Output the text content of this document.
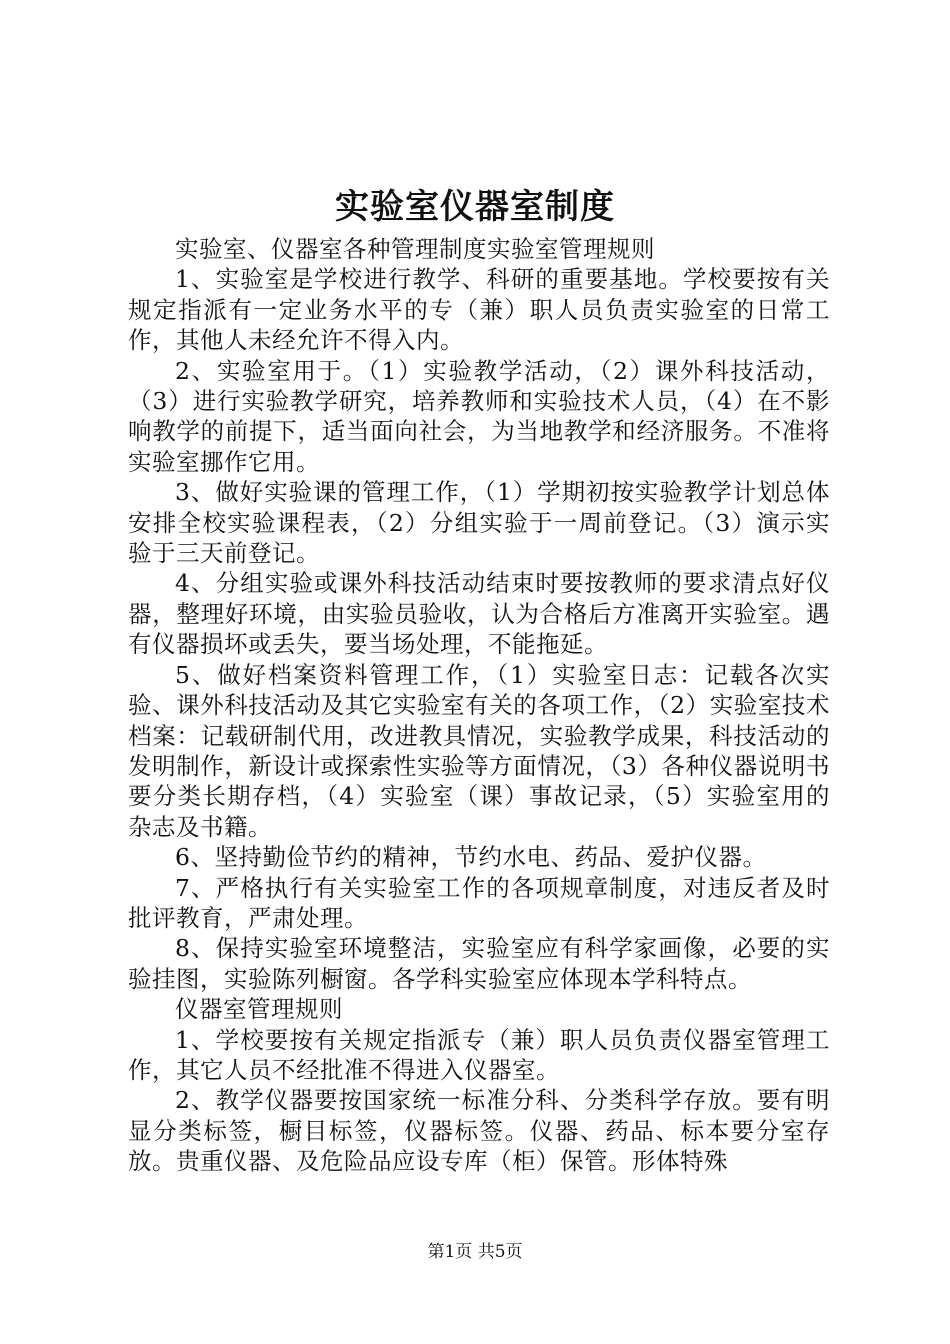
实验室仪器室制度

实验室、仪器室各种管理制度实验室管理规则

1、实验室是学校进行教学、科研的重要基地。学校要按有关规定指派有一定业务水平的专（兼）职人员负责实验室的日常工作，其他人未经允许不得入内。

2、实验室用于。（1）实验教学活动，（2）课外科技活动，（3）进行实验教学研究，培养教师和实验技术人员，（4）在不影响教学的前提下，适当面向社会，为当地教学和经济服务。不准将实验室挪作它用。

3、做好实验课的管理工作，（1）学期初按实验教学计划总体安排全校实验课程表，（2）分组实验于一周前登记。（3）演示实验于三天前登记。

4、分组实验或课外科技活动结束时要按教师的要求清点好仪器，整理好环境，由实验员验收，认为合格后方准离开实验室。遇有仪器损坏或丢失，要当场处理，不能拖延。

5、做好档案资料管理工作，（1）实验室日志：记载各次实验、课外科技活动及其它实验室有关的各项工作，（2）实验室技术档案：记载研制代用，改进教具情况，实验教学成果，科技活动的发明制作，新设计或探索性实验等方面情况，（3）各种仪器说明书要分类长期存档，（4）实验室（课）事故记录，（5）实验室用的杂志及书籍。

6、坚持勤俭节约的精神，节约水电、药品、爱护仪器。

7、严格执行有关实验室工作的各项规章制度，对违反者及时批评教育，严肃处理。

8、保持实验室环境整洁，实验室应有科学家画像，必要的实验挂图，实验陈列橱窗。各学科实验室应体现本学科特点。

仪器室管理规则

1、学校要按有关规定指派专（兼）职人员负责仪器室管理工作，其它人员不经批准不得进入仪器室。

2、教学仪器要按国家统一标准分科、分类科学存放。要有明显分类标签，橱目标签，仪器标签。仪器、药品、标本要分室存放。贵重仪器、及危险品应设专库（柜）保管。形体特殊

第1页 共5页
